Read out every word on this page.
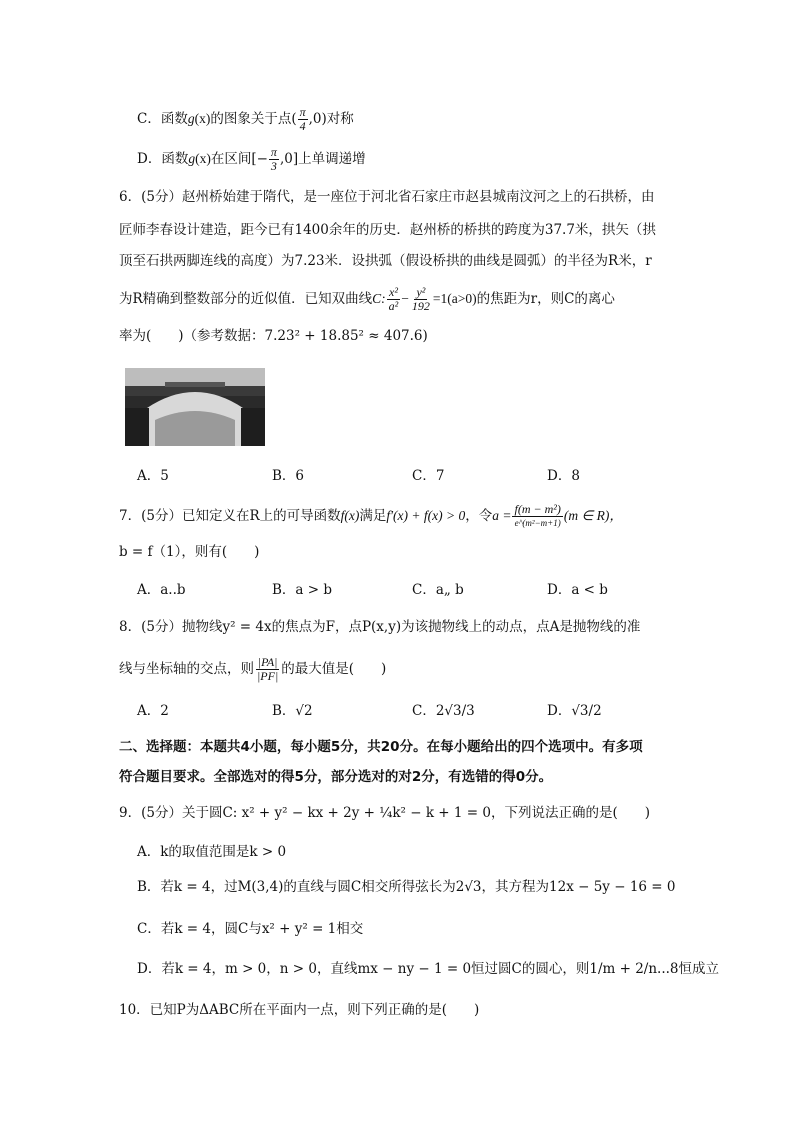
C．函数g(x)的图象关于点( $\frac{\pi}{4} ,0$)对称
D．函数g(x)在区间[− $\frac{\pi}{3} ,0$]上单调递增
6．(5分）赵州桥始建于隋代，是一座位于河北省石家庄市赵县城南汶河之上的石拱桥，由
匠师李春设计建造，距今已有1400余年的历史．赵州桥的桥拱的跨度为37.7米，拱矢（拱
顶至石拱两脚连线的高度）为7.23米．设拱弧（假设桥拱的曲线是圆弧）的半径为R米，r
为R精确到整数部分的近似值．已知双曲线C: $\frac{\text{x²}}{\text{a²}} - \frac{\text{y²}}{192} =1(a>0)$的焦距为r，则C的离心
率为(　　)（参考数据：7.23² + 18.85² ≈ 407.6)
A．5	B．6	C．7	D．8
7．(5分）已知定义在R上的可导函数f(x)满足f′(x) + f(x) > 0，令$a = \frac{\text{f(m − m²)}}{\text{e\textasciicircum{}(m²−m+1)}} (m$ ∈ R)，
b = f（1），则有(　　)
A．a..b	B．a > b	C．a„ b	D．a < b
8．(5分）抛物线y² = 4x的焦点为F，点P(x,y)为该抛物线上的动点，点A是抛物线的准
线与坐标轴的交点，则 $\frac{|PA|}{|PF|}$ 的最大值是(　　)
A．2	B．√2	C．2√3/3	D．√3/2
二、选择题：本题共4小题，每小题5分，共20分。在每小题给出的四个选项中。有多项
符合题目要求。全部选对的得5分，部分选对的对2分，有选错的得0分。
9．(5分）关于圆C: x² + y² − kx + 2y + ¼k² − k + 1 = 0，下列说法正确的是(　　)
A．k的取值范围是k > 0
B．若k = 4，过M(3,4)的直线与圆C相交所得弦长为2√3，其方程为12x − 5y − 16 = 0
C．若k = 4，圆C与x² + y² = 1相交
D．若k = 4，m > 0，n > 0，直线mx − ny − 1 = 0恒过圆C的圆心，则1/m + 2/n...8恒成立
10．已知P为ΔABC所在平面内一点，则下列正确的是(　　)
